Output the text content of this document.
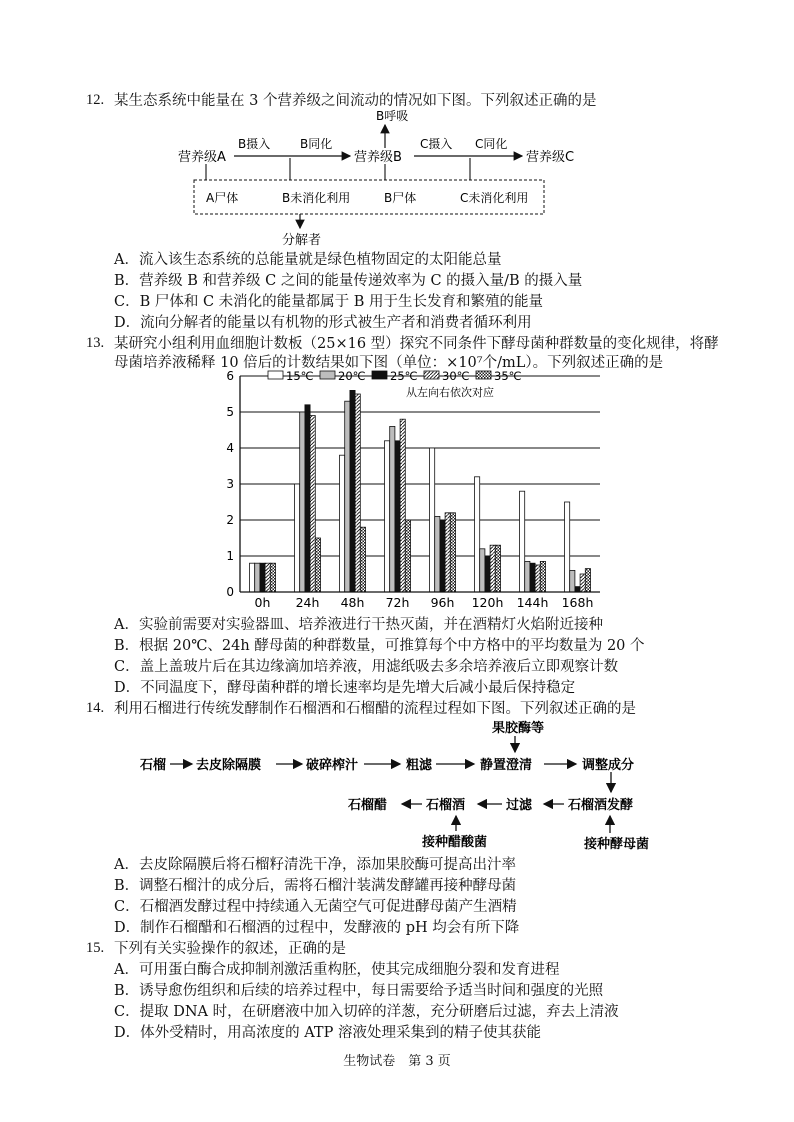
12. 某生态系统中能量在 3 个营养级之间流动的情况如下图。下列叙述正确的是
营养级A	营养级B	营养级C
B摄入 B同化
B呼吸
C摄入 C同化
A尸体	B未消化利用	B尸体	C未消化利用
分解者
A．流入该生态系统的总能量就是绿色植物固定的太阳能总量
B．营养级 B 和营养级 C 之间的能量传递效率为 C 的摄入量/B 的摄入量
C．B 尸体和 C 未消化的能量都属于 B 用于生长发育和繁殖的能量
D．流向分解者的能量以有机物的形式被生产者和消费者循环利用
13. 某研究小组利用血细胞计数板（25×16 型）探究不同条件下酵母菌种群数量的变化规律，将酵
母菌培养液稀释 10 倍后的计数结果如下图（单位：×10⁷个/mL）。下列叙述正确的是
0
1
2
3
4
5
6
0h 24h 48h 72h 96h 120h 144h 168h
15℃ 20℃ 25℃ 30℃ 35℃
从左向右依次对应
A．实验前需要对实验器皿、培养液进行干热灭菌，并在酒精灯火焰附近接种
B．根据 20℃、24h 酵母菌的种群数量，可推算每个中方格中的平均数量为 20 个
C．盖上盖玻片后在其边缘滴加培养液，用滤纸吸去多余培养液后立即观察计数
D．不同温度下，酵母菌种群的增长速率均是先增大后减小最后保持稳定
14. 利用石榴进行传统发酵制作石榴酒和石榴醋的流程过程如下图。下列叙述正确的是
果胶酶等
石榴 去皮除隔膜	破碎榨汁	粗滤	静置澄清	调整成分
石榴酒发酵
过滤
石榴酒
石榴醋
接种酵母菌
接种醋酸菌
A．去皮除隔膜后将石榴籽清洗干净，添加果胶酶可提高出汁率
B．调整石榴汁的成分后，需将石榴汁装满发酵罐再接种酵母菌
C．石榴酒发酵过程中持续通入无菌空气可促进酵母菌产生酒精
D．制作石榴醋和石榴酒的过程中，发酵液的 pH 均会有所下降
15. 下列有关实验操作的叙述，正确的是
A．可用蛋白酶合成抑制剂激活重构胚，使其完成细胞分裂和发育进程
B．诱导愈伤组织和后续的培养过程中，每日需要给予适当时间和强度的光照
C．提取 DNA 时，在研磨液中加入切碎的洋葱，充分研磨后过滤，弃去上清液
D．体外受精时，用高浓度的 ATP 溶液处理采集到的精子使其获能
生物试卷　第 3 页
